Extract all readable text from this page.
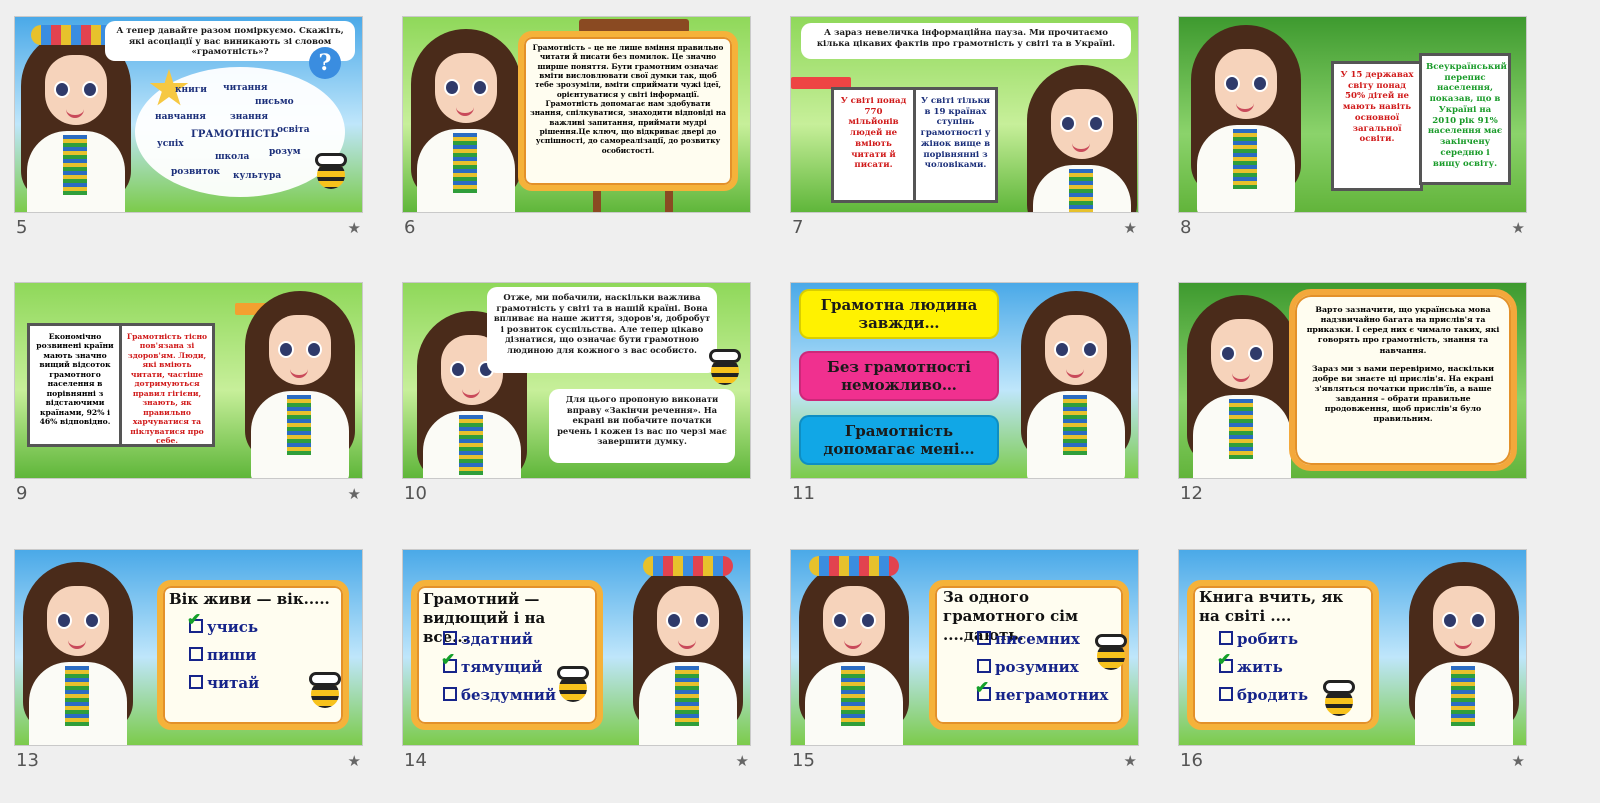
А тепер давайте разом поміркуємо. Скажіть, які асоціації у вас виникають зі словом «грамотність»?	?
книги читання
письмо
навчання	знання
ГРАМОТНІСТЬ
освіта
успіх
школа розум
розвиток культура
5	★
Грамотність – це не лише вміння правильно читати й писати без помилок. Це значно ширше поняття. Бути грамотним означає вміти висловлювати свої думки так, щоб тебе зрозуміли, вміти сприймати чужі ідеї, орієнтуватися у світі інформації. Грамотність допомагає нам здобувати знання, спілкуватися, знаходити відповіді на важливі запитання, приймати мудрі рішення.Це ключ, що відкриває двері до успішності, до самореалізації, до розвитку особистості.
6
А зараз невеличка інформаційна пауза. Ми прочитаємо кілька цікавих фактів про грамотність у світі та в Україні.
У світі понад 770 мільйонів людей не вміють читати й писати.
У світі тільки в 19 країнах ступінь грамотності у жінок вище в порівнянні з чоловіками.
7	★
У 15 державах світу понад 50% дітей не мають навіть основної загальної освіти.
Всеукраїнський перепис населення, показав, що в Україні на 2010 рік 91% населення має закінчену середню і вищу освіту.
8	★
Економічно розвинені країни мають значно вищий відсоток грамотного населення в порівнянні з відстаючими країнами, 92% і 46% відповідно.
Грамотність тісно пов'язана зі здоров'ям. Люди, які вміють читати, частіше дотримуються правил гігієни, знають, як правильно харчуватися та піклуватися про себе.
9	★
Отже, ми побачили, наскільки важлива грамотність у світі та в нашій країні. Вона впливає на наше життя, здоров'я, добробут і розвиток суспільства. Але тепер цікаво дізнатися, що означає бути грамотною людиною для кожного з вас особисто.
Для цього пропоную виконати вправу «Закінчи речення». На екрані ви побачите початки речень і кожен із вас по черзі має завершити думку.
10
Грамотна людина завжди…
Без грамотності неможливо…
Грамотність допомагає мені…
11
Варто зазначити, що українська мова надзвичайно багата на прислів'я та приказки. І серед них є чимало таких, які говорять про грамотність, знання та навчання.
Зараз ми з вами перевіримо, наскільки добре ви знаєте ці прислів'я. На екрані з'являться початки прислів'їв, а ваше завдання – обрати правильне продовження, щоб прислів'я було правильним.
12
Вік живи — вік.....
✔ учись
пиши
читай
13	★
Грамотний — видющий і на все...
здатний
✔ тямущий
бездумний
14	★
За одного грамотного сім ....дають.
писемних
розумних
✔ неграмотних
15	★
Книга вчить, як на світі ....
робить
✔ жить
бродить
16	★
